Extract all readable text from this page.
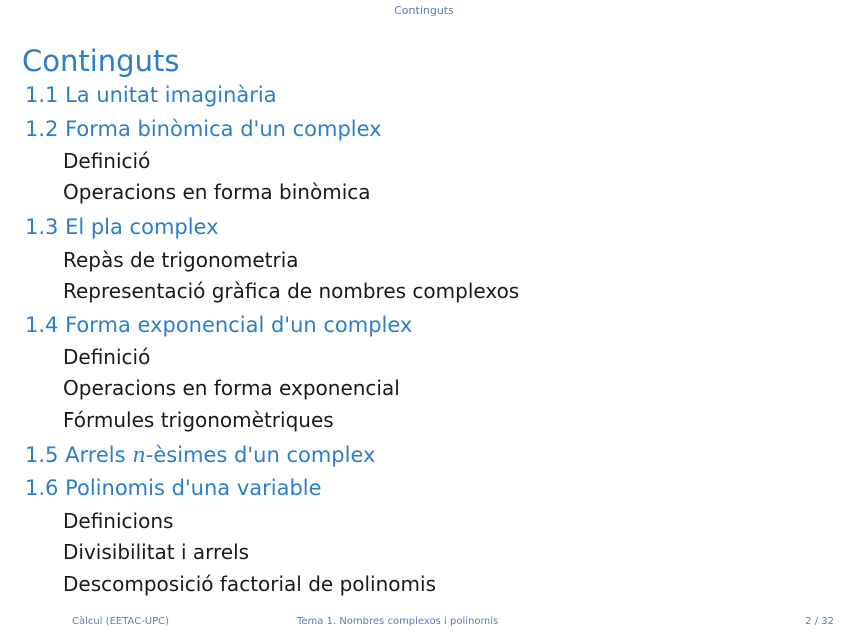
Continguts
Continguts
1.1 La unitat imaginària
1.2 Forma binòmica d'un complex
Definició
Operacions en forma binòmica
1.3 El pla complex
Repàs de trigonometria
Representació gràfica de nombres complexos
1.4 Forma exponencial d'un complex
Definició
Operacions en forma exponencial
Fórmules trigonomètriques
1.5 Arrels n-èsimes d'un complex
1.6 Polinomis d'una variable
Definicions
Divisibilitat i arrels
Descomposició factorial de polinomis
Càlcul (EETAC-UPC)	Tema 1. Nombres complexos i polinomis	2 / 32
